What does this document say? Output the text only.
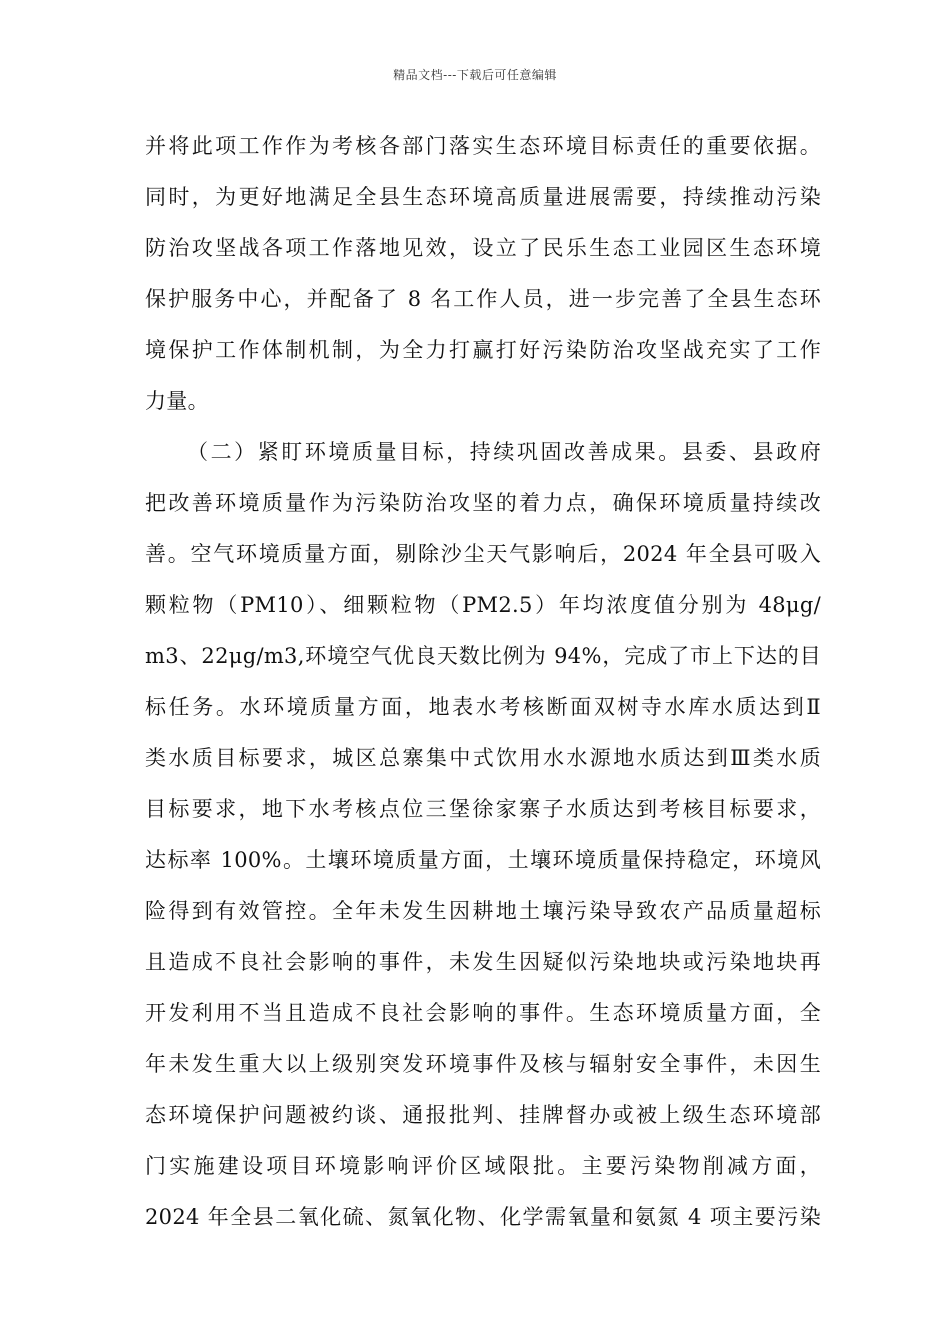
精品文档---下载后可任意编辑
并将此项工作作为考核各部门落实生态环境目标责任的重要依据。
同时，为更好地满足全县生态环境高质量进展需要，持续推动污染
防治攻坚战各项工作落地见效，设立了民乐生态工业园区生态环境
保护服务中心，并配备了 8 名工作人员，进一步完善了全县生态环
境保护工作体制机制，为全力打赢打好污染防治攻坚战充实了工作
力量。
（二）紧盯环境质量目标，持续巩固改善成果。县委、县政府
把改善环境质量作为污染防治攻坚的着力点，确保环境质量持续改
善。空气环境质量方面，剔除沙尘天气影响后，2024 年全县可吸入
颗粒物（PM10）、细颗粒物（PM2.5）年均浓度值分别为 48μg/
m3、22μg/m3,环境空气优良天数比例为 94%，完成了市上下达的目
标任务。水环境质量方面，地表水考核断面双树寺水库水质达到Ⅱ
类水质目标要求，城区总寨集中式饮用水水源地水质达到Ⅲ类水质
目标要求，地下水考核点位三堡徐家寨子水质达到考核目标要求，
达标率 100%。土壤环境质量方面，土壤环境质量保持稳定，环境风
险得到有效管控。全年未发生因耕地土壤污染导致农产品质量超标
且造成不良社会影响的事件，未发生因疑似污染地块或污染地块再
开发利用不当且造成不良社会影响的事件。生态环境质量方面，全
年未发生重大以上级别突发环境事件及核与辐射安全事件，未因生
态环境保护问题被约谈、通报批判、挂牌督办或被上级生态环境部
门实施建设项目环境影响评价区域限批。主要污染物削减方面，
2024 年全县二氧化硫、氮氧化物、化学需氧量和氨氮 4 项主要污染
